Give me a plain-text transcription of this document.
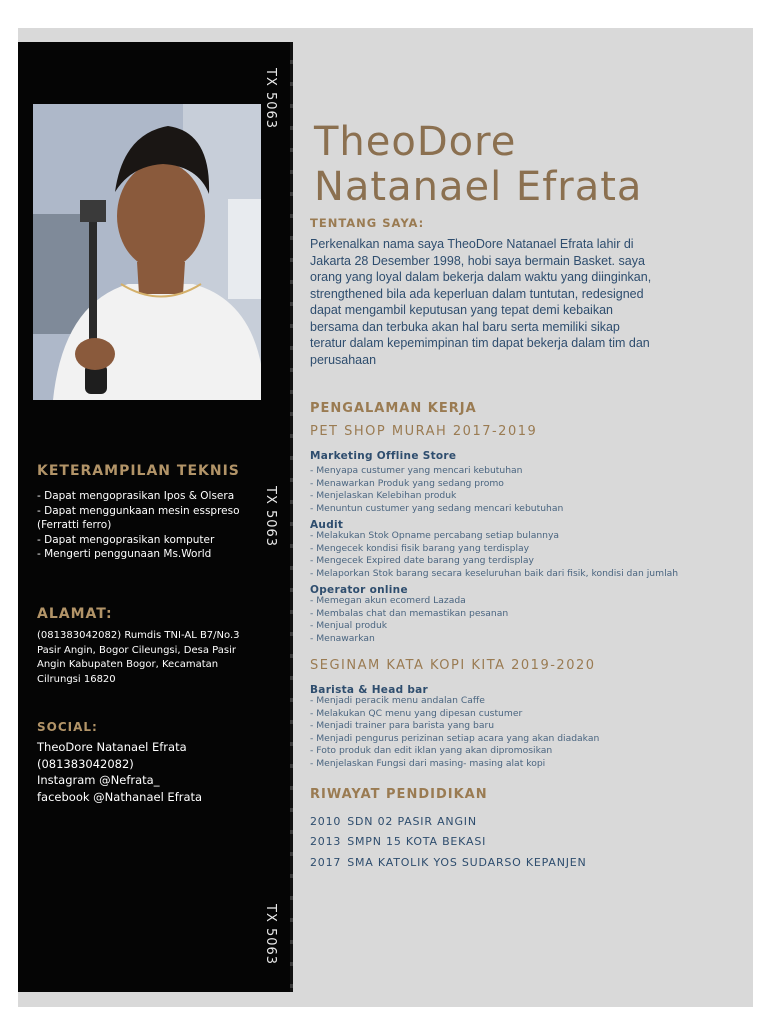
TX 5063
TX 5063
TX 5063
KETERAMPILAN TEKNIS
- Dapat mengoprasikan Ipos & Olsera
- Dapat menggunkaan mesin esspreso
(Ferratti ferro)
- Dapat mengoprasikan komputer
- Mengerti penggunaan Ms.World
ALAMAT:
(081383042082) Rumdis TNI-AL B7/No.3
Pasir Angin, Bogor Cileungsi, Desa Pasir
Angin Kabupaten Bogor, Kecamatan
Cilrungsi 16820
SOCIAL:
TheoDore Natanael Efrata
(081383042082)
Instagram @Nefrata_
facebook @Nathanael Efrata
TheoDore
Natanael Efrata
TENTANG SAYA:
Perkenalkan nama saya TheoDore Natanael Efrata lahir di
Jakarta 28 Desember 1998, hobi saya bermain Basket. saya
orang yang loyal dalam bekerja dalam waktu yang diinginkan,
strengthened bila ada keperluan dalam tuntutan, redesigned
dapat mengambil keputusan yang tepat demi kebaikan
bersama dan terbuka akan hal baru serta memiliki sikap
teratur dalam kepemimpinan tim dapat bekerja dalam tim dan
perusahaan
PENGALAMAN KERJA
PET SHOP MURAH 2017-2019
Marketing Offline Store
- Menyapa custumer yang mencari kebutuhan
- Menawarkan Produk yang sedang promo
- Menjelaskan Kelebihan produk
- Menuntun custumer yang sedang mencari kebutuhan
Audit
- Melakukan Stok Opname percabang setiap bulannya
- Mengecek kondisi fisik barang yang terdisplay
- Mengecek Expired date barang yang terdisplay
- Melaporkan Stok barang secara keseluruhan baik dari fisik, kondisi dan jumlah
Operator online
- Memegan akun ecomerd Lazada
- Membalas chat dan memastikan pesanan
- Menjual produk
- Menawarkan
SEGINAM KATA KOPI KITA 2019-2020
Barista & Head bar
- Menjadi peracik menu andalan Caffe
- Melakukan QC menu yang dipesan custumer
- Menjadi trainer para barista yang baru
- Menjadi pengurus perizinan setiap acara yang akan diadakan
- Foto produk dan edit iklan yang akan dipromosikan
- Menjelaskan Fungsi dari masing- masing alat kopi
RIWAYAT PENDIDIKAN
2010 SDN 02 PASIR ANGIN
2013 SMPN 15 KOTA BEKASI
2017 SMA KATOLIK YOS SUDARSO KEPANJEN
